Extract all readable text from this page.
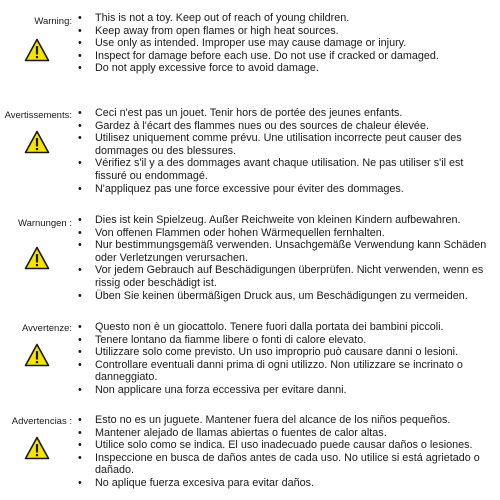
Warning:	• This is not a toy. Keep out of reach of young children.
• Keep away from open flames or high heat sources.
• Use only as intended. Improper use may cause damage or injury.
• Inspect for damage before each use. Do not use if cracked or damaged.
• Do not apply excessive force to avoid damage.
Avertissements:	• Ceci n'est pas un jouet. Tenir hors de portée des jeunes enfants.
• Gardez à l'écart des flammes nues ou des sources de chaleur élevée.
• Utilisez uniquement comme prévu. Une utilisation incorrecte peut causer des dommages ou des blessures.
• Vérifiez s'il y a des dommages avant chaque utilisation. Ne pas utiliser s'il est fissuré ou endommagé.
• N'appliquez pas une force excessive pour éviter des dommages.
Warnungen :	• Dies ist kein Spielzeug. Außer Reichweite von kleinen Kindern aufbewahren.
• Von offenen Flammen oder hohen Wärmequellen fernhalten.
• Nur bestimmungsgemäß verwenden. Unsachgemäße Verwendung kann Schäden oder Verletzungen verursachen.
• Vor jedem Gebrauch auf Beschädigungen überprüfen. Nicht verwenden, wenn es rissig oder beschädigt ist.
• Üben Sie keinen übermäßigen Druck aus, um Beschädigungen zu vermeiden.
Avvertenze:	• Questo non è un giocattolo. Tenere fuori dalla portata dei bambini piccoli.
• Tenere lontano da fiamme libere o fonti di calore elevato.
• Utilizzare solo come previsto. Un uso improprio può causare danni o lesioni.
• Controllare eventuali danni prima di ogni utilizzo. Non utilizzare se incrinato o danneggiato.
• Non applicare una forza eccessiva per evitare danni.
Advertencias :	• Esto no es un juguete. Mantener fuera del alcance de los niños pequeños.
• Mantener alejado de llamas abiertas o fuentes de calor altas.
• Utilice solo como se indica. El uso inadecuado puede causar daños o lesiones.
• Inspeccione en busca de daños antes de cada uso. No utilice si está agrietado o dañado.
• No aplique fuerza excesiva para evitar daños.
